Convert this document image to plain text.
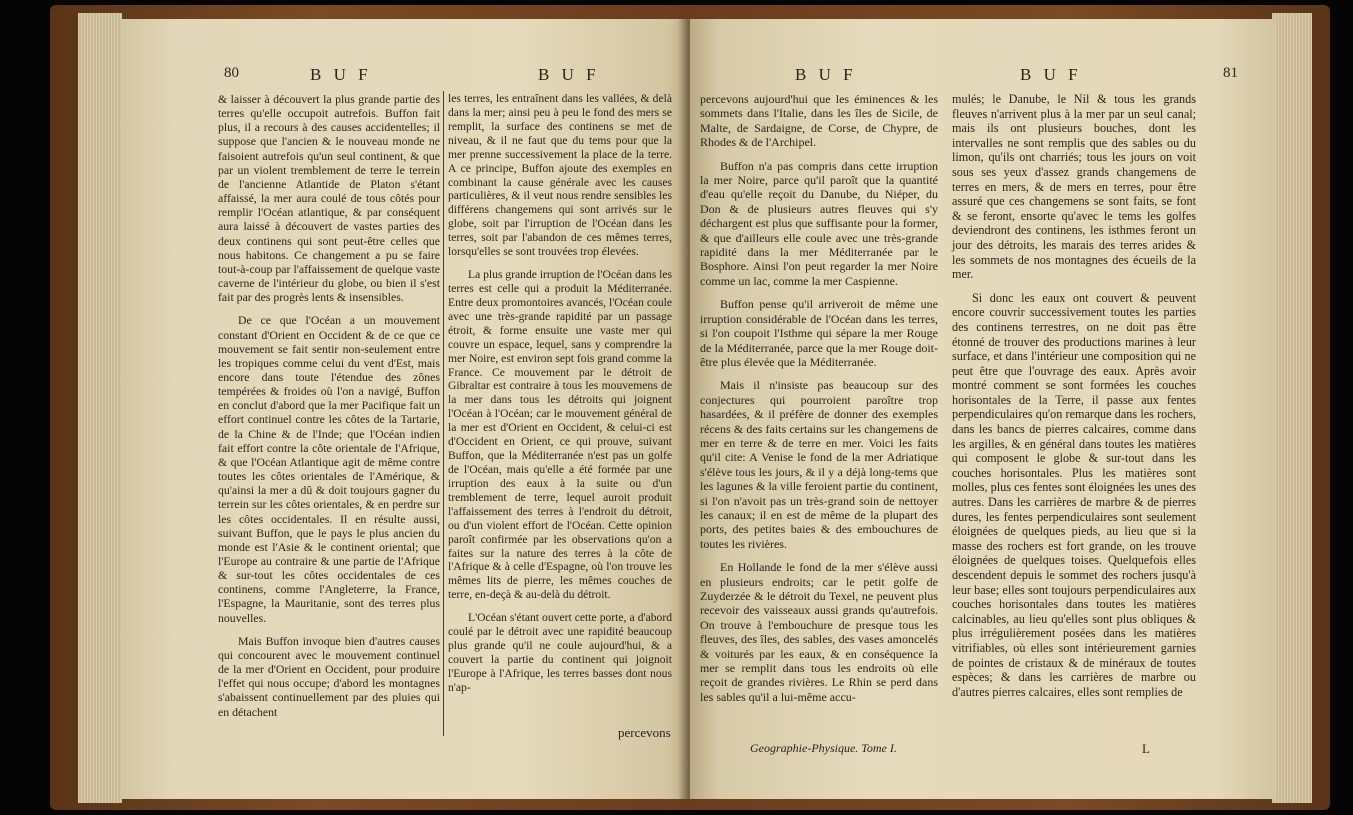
80	B U F	B U F

& laisser à découvert la plus grande partie des terres qu'elle occupoit autrefois. Buffon fait plus, il a recours à des causes accidentelles; il suppose que l'ancien & le nouveau monde ne faisoient autrefois qu'un seul continent, & que par un violent tremblement de terre le terrein de l'ancienne Atlantide de Platon s'étant affaissé, la mer aura coulé de tous côtés pour remplir l'Océan atlantique, & par conséquent aura laissé à découvert de vastes parties des deux continens qui sont peut-être celles que nous habitons. Ce changement a pu se faire tout-à-coup par l'affaissement de quelque vaste caverne de l'intérieur du globe, ou bien il s'est fait par des progrès lents & insensibles.

De ce que l'Océan a un mouvement constant d'Orient en Occident & de ce que ce mouvement se fait sentir non-seulement entre les tropiques comme celui du vent d'Est, mais encore dans toute l'étendue des zônes tempérées & froides où l'on a navigé, Buffon en conclut d'abord que la mer Pacifique fait un effort continuel contre les côtes de la Tartarie, de la Chine & de l'Inde; que l'Océan indien fait effort contre la côte orientale de l'Afrique, & que l'Océan Atlantique agit de même contre toutes les côtes orientales de l'Amérique, & qu'ainsi la mer a dû & doit toujours gagner du terrein sur les côtes orientales, & en perdre sur les côtes occidentales. Il en résulte aussi, suivant Buffon, que le pays le plus ancien du monde est l'Asie & le continent oriental; que l'Europe au contraire & une partie de l'Afrique & sur-tout les côtes occidentales de ces continens, comme l'Angleterre, la France, l'Espagne, la Mauritanie, sont des terres plus nouvelles.

Mais Buffon invoque bien d'autres causes qui concourent avec le mouvement continuel de la mer d'Orient en Occident, pour produire l'effet qui nous occupe; d'abord les montagnes s'abaissent continuellement par des pluies qui en détachent

les terres, les entraînent dans les vallées, & delà dans la mer; ainsi peu à peu le fond des mers se remplit, la surface des continens se met de niveau, & il ne faut que du tems pour que la mer prenne successivement la place de la terre. A ce principe, Buffon ajoute des exemples en combinant la cause générale avec les causes particulières, & il veut nous rendre sensibles les différens changemens qui sont arrivés sur le globe, soit par l'irruption de l'Océan dans les terres, soit par l'abandon de ces mêmes terres, lorsqu'elles se sont trouvées trop élevées.

La plus grande irruption de l'Océan dans les terres est celle qui a produit la Méditerranée. Entre deux promontoires avancés, l'Océan coule avec une très-grande rapidité par un passage étroit, & forme ensuite une vaste mer qui couvre un espace, lequel, sans y comprendre la mer Noire, est environ sept fois grand comme la France. Ce mouvement par le détroit de Gibraltar est contraire à tous les mouvemens de la mer dans tous les détroits qui joignent l'Océan à l'Océan; car le mouvement général de la mer est d'Orient en Occident, & celui-ci est d'Occident en Orient, ce qui prouve, suivant Buffon, que la Méditerranée n'est pas un golfe de l'Océan, mais qu'elle a été formée par une irruption des eaux à la suite ou d'un tremblement de terre, lequel auroit produit l'affaissement des terres à l'endroit du détroit, ou d'un violent effort de l'Océan. Cette opinion paroît confirmée par les observations qu'on a faites sur la nature des terres à la côte de l'Afrique & à celle d'Espagne, où l'on trouve les mêmes lits de pierre, les mêmes couches de terre, en-deçà & au-delà du détroit.

L'Océan s'étant ouvert cette porte, a d'abord coulé par le détroit avec une rapidité beaucoup plus grande qu'il ne coule aujourd'hui, & a couvert la partie du continent qui joignoit l'Europe à l'Afrique, les terres basses dont nous n'ap-

percevons
B U F	B U F	81

percevons aujourd'hui que les éminences & les sommets dans l'Italie, dans les îles de Sicile, de Malte, de Sardaigne, de Corse, de Chypre, de Rhodes & de l'Archipel.

Buffon n'a pas compris dans cette irruption la mer Noire, parce qu'il paroît que la quantité d'eau qu'elle reçoit du Danube, du Niéper, du Don & de plusieurs autres fleuves qui s'y déchargent est plus que suffisante pour la former, & que d'ailleurs elle coule avec une très-grande rapidité dans la mer Méditerranée par le Bosphore. Ainsi l'on peut regarder la mer Noire comme un lac, comme la mer Caspienne.

Buffon pense qu'il arriveroit de même une irruption considérable de l'Océan dans les terres, si l'on coupoit l'Isthme qui sépare la mer Rouge de la Méditerranée, parce que la mer Rouge doit-être plus élevée que la Méditerranée.

Mais il n'insiste pas beaucoup sur des conjectures qui pourroient paroître trop hasardées, & il préfère de donner des exemples récens & des faits certains sur les changemens de mer en terre & de terre en mer. Voici les faits qu'il cite: A Venise le fond de la mer Adriatique s'élève tous les jours, & il y a déjà long-tems que les lagunes & la ville feroient partie du continent, si l'on n'avoit pas un très-grand soin de nettoyer les canaux; il en est de même de la plupart des ports, des petites baies & des embouchures de toutes les rivières.

En Hollande le fond de la mer s'élève aussi en plusieurs endroits; car le petit golfe de Zuyderzée & le détroit du Texel, ne peuvent plus recevoir des vaisseaux aussi grands qu'autrefois. On trouve à l'embouchure de presque tous les fleuves, des îles, des sables, des vases amoncelés & voiturés par les eaux, & en conséquence la mer se remplit dans tous les endroits où elle reçoit de grandes rivières. Le Rhin se perd dans les sables qu'il a lui-même accu-

mulés; le Danube, le Nil & tous les grands fleuves n'arrivent plus à la mer par un seul canal; mais ils ont plusieurs bouches, dont les intervalles ne sont remplis que des sables ou du limon, qu'ils ont charriés; tous les jours on voit sous ses yeux d'assez grands changemens de terres en mers, & de mers en terres, pour être assuré que ces changemens se sont faits, se font & se feront, ensorte qu'avec le tems les golfes deviendront des continens, les isthmes feront un jour des détroits, les marais des terres arides & les sommets de nos montagnes des écueils de la mer.

Si donc les eaux ont couvert & peuvent encore couvrir successivement toutes les parties des continens terrestres, on ne doit pas être étonné de trouver des productions marines à leur surface, et dans l'intérieur une composition qui ne peut être que l'ouvrage des eaux. Après avoir montré comment se sont formées les couches horisontales de la Terre, il passe aux fentes perpendiculaires qu'on remarque dans les rochers, dans les bancs de pierres calcaires, comme dans les argilles, & en général dans toutes les matières qui composent le globe & sur-tout dans les couches horisontales. Plus les matières sont molles, plus ces fentes sont éloignées les unes des autres. Dans les carrières de marbre & de pierres dures, les fentes perpendiculaires sont seulement éloignées de quelques pieds, au lieu que si la masse des rochers est fort grande, on les trouve éloignées de quelques toises. Quelquefois elles descendent depuis le sommet des rochers jusqu'à leur base; elles sont toujours perpendiculaires aux couches horisontales dans toutes les matières calcinables, au lieu qu'elles sont plus obliques & plus irrégulièrement posées dans les matières vitrifiables, où elles sont intérieurement garnies de pointes de cristaux & de minéraux de toutes espèces; & dans les carrières de marbre ou d'autres pierres calcaires, elles sont remplies de

Geographie-Physique. Tome I.	L
